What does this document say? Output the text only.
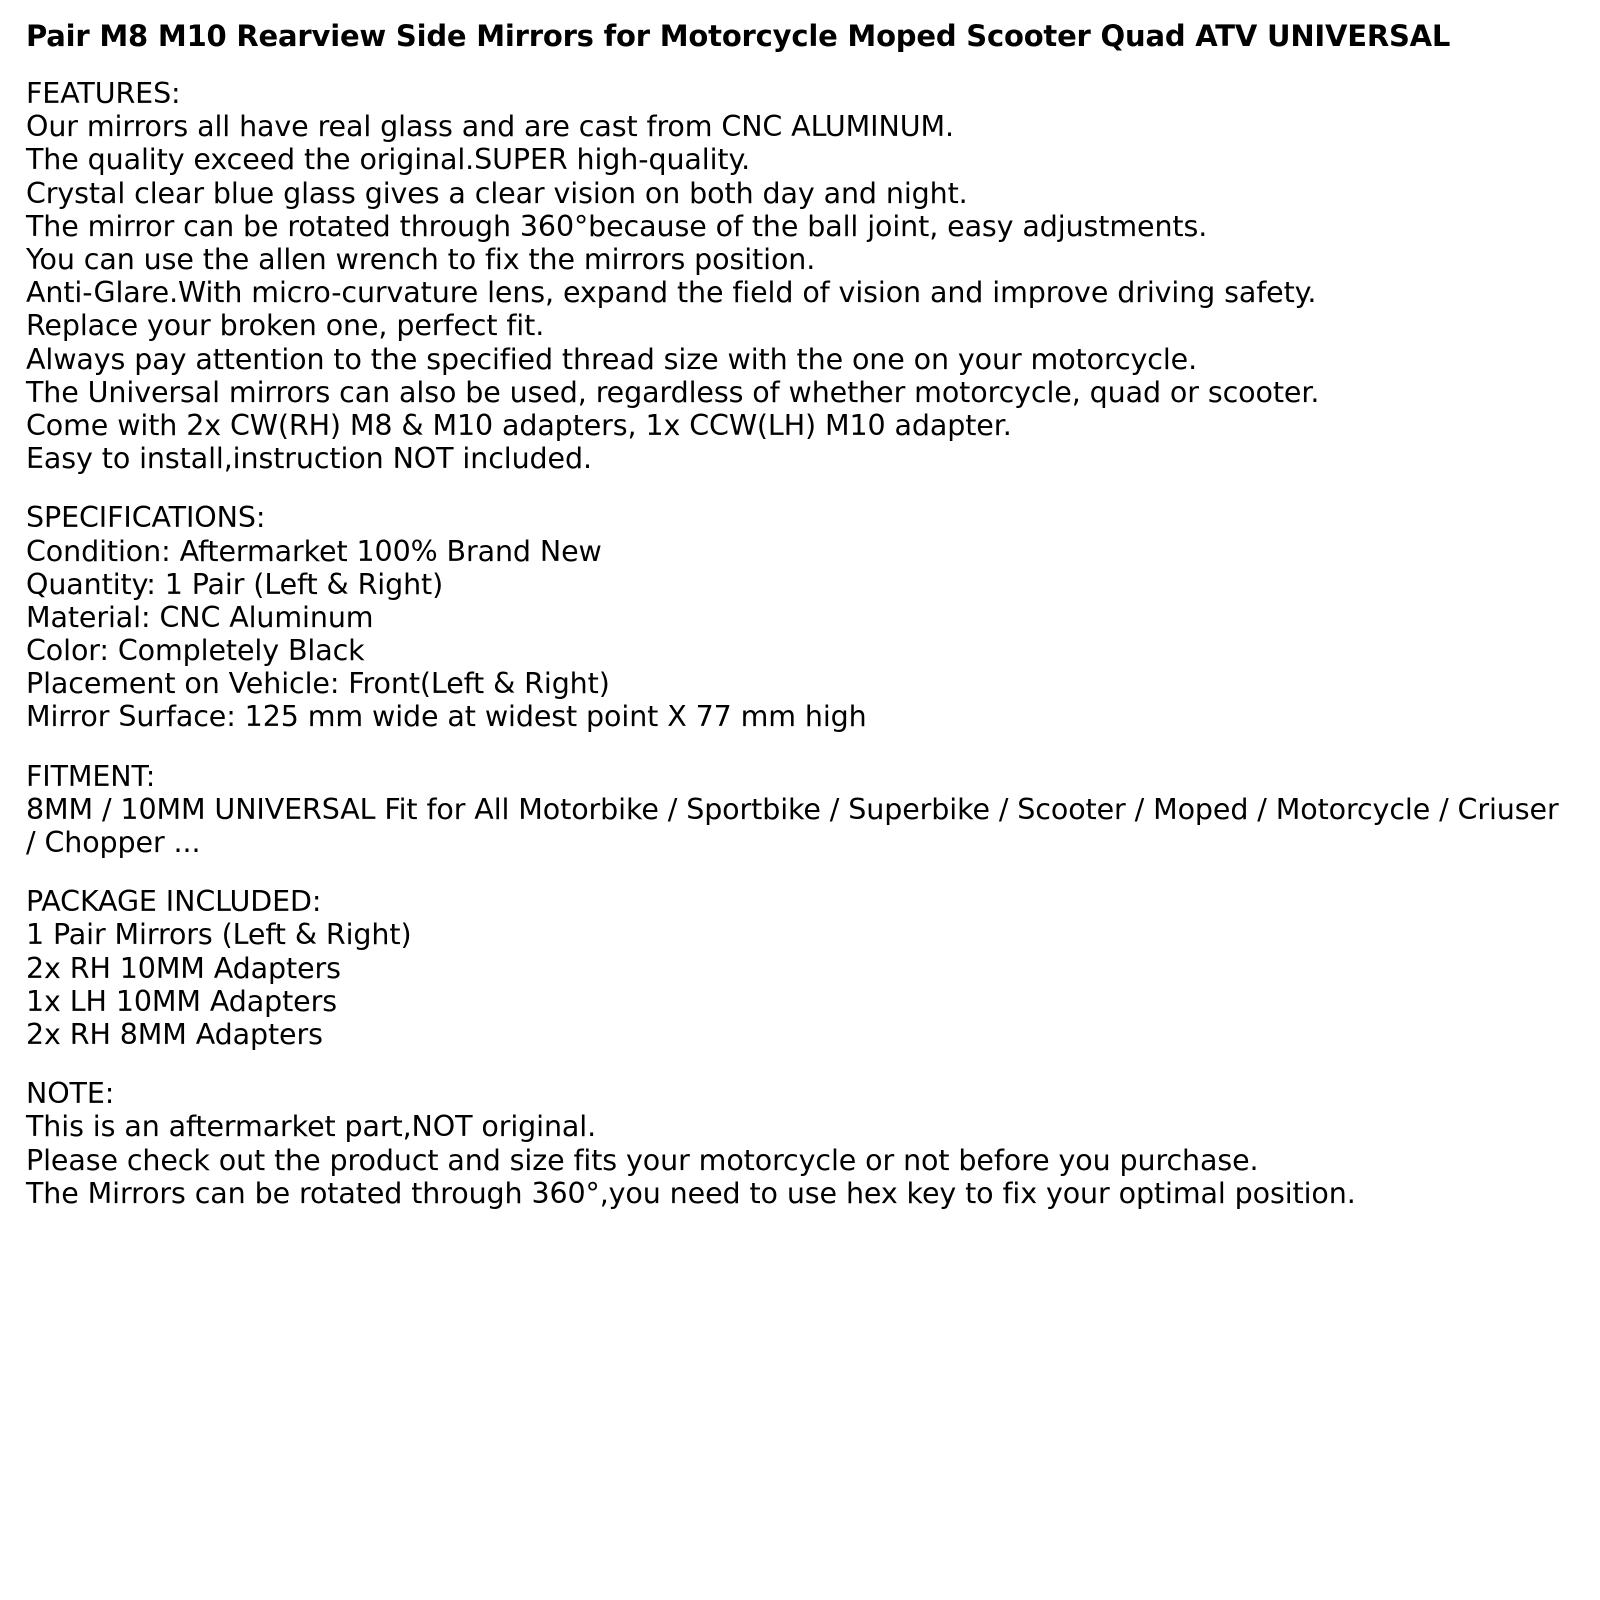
Pair M8 M10 Rearview Side Mirrors for Motorcycle Moped Scooter Quad ATV UNIVERSAL
FEATURES:
Our mirrors all have real glass and are cast from CNC ALUMINUM.
The quality exceed the original.SUPER high-quality.
Crystal clear blue glass gives a clear vision on both day and night.
The mirror can be rotated through 360°because of the ball joint, easy adjustments.
You can use the allen wrench to fix the mirrors position.
Anti-Glare.With micro-curvature lens, expand the field of vision and improve driving safety.
Replace your broken one, perfect fit.
Always pay attention to the specified thread size with the one on your motorcycle.
The Universal mirrors can also be used, regardless of whether motorcycle, quad or scooter.
Come with 2x CW(RH) M8 & M10 adapters, 1x CCW(LH) M10 adapter.
Easy to install,instruction NOT included.
SPECIFICATIONS:
Condition: Aftermarket 100% Brand New
Quantity: 1 Pair (Left & Right)
Material: CNC Aluminum
Color: Completely Black
Placement on Vehicle: Front(Left & Right)
Mirror Surface: 125 mm wide at widest point X 77 mm high
FITMENT:
8MM / 10MM UNIVERSAL Fit for All Motorbike / Sportbike / Superbike / Scooter / Moped / Motorcycle / Criuser / Chopper ...
PACKAGE INCLUDED:
1 Pair Mirrors (Left & Right)
2x RH 10MM Adapters
1x LH 10MM Adapters
2x RH 8MM Adapters
NOTE:
This is an aftermarket part,NOT original.
Please check out the product and size fits your motorcycle or not before you purchase.
The Mirrors can be rotated through 360°,you need to use hex key to fix your optimal position.
